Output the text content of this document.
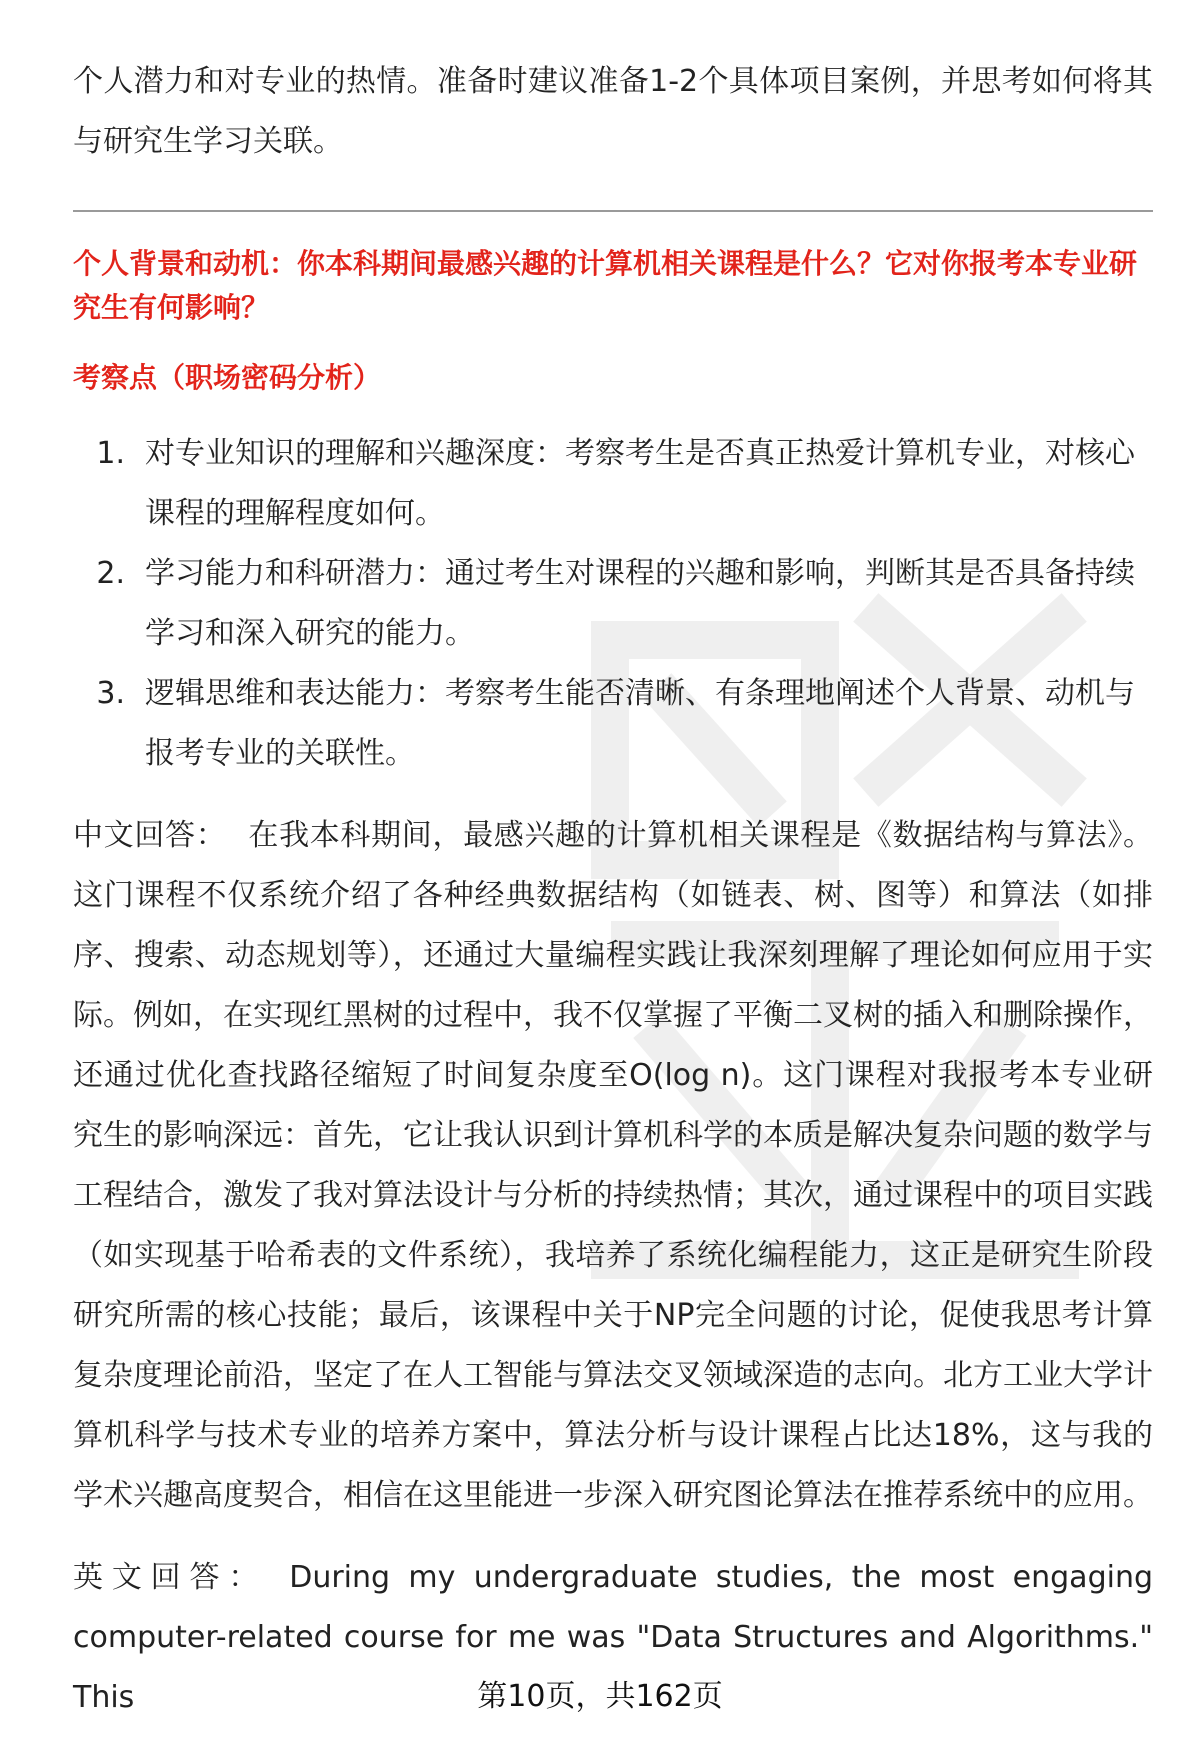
个人潜力和对专业的热情。准备时建议准备1-2个具体项目案例，并思考如何将其与研究生学习关联。

个人背景和动机：你本科期间最感兴趣的计算机相关课程是什么？它对你报考本专业研究生有何影响？

考察点（职场密码分析）

1. 对专业知识的理解和兴趣深度：考察考生是否真正热爱计算机专业，对核心课程的理解程度如何。
2. 学习能力和科研潜力：通过考生对课程的兴趣和影响，判断其是否具备持续学习和深入研究的能力。
3. 逻辑思维和表达能力：考察考生能否清晰、有条理地阐述个人背景、动机与报考专业的关联性。

中文回答： 在我本科期间，最感兴趣的计算机相关课程是《数据结构与算法》。这门课程不仅系统介绍了各种经典数据结构（如链表、树、图等）和算法（如排序、搜索、动态规划等），还通过大量编程实践让我深刻理解了理论如何应用于实际。例如，在实现红黑树的过程中，我不仅掌握了平衡二叉树的插入和删除操作，还通过优化查找路径缩短了时间复杂度至O(log n)。这门课程对我报考本专业研究生的影响深远：首先，它让我认识到计算机科学的本质是解决复杂问题的数学与工程结合，激发了我对算法设计与分析的持续热情；其次，通过课程中的项目实践（如实现基于哈希表的文件系统），我培养了系统化编程能力，这正是研究生阶段研究所需的核心技能；最后，该课程中关于NP完全问题的讨论，促使我思考计算复杂度理论前沿，坚定了在人工智能与算法交叉领域深造的志向。北方工业大学计算机科学与技术专业的培养方案中，算法分析与设计课程占比达18%，这与我的学术兴趣高度契合，相信在这里能进一步深入研究图论算法在推荐系统中的应用。

英文回答： During my undergraduate studies, the most engaging computer-related course for me was "Data Structures and Algorithms." This	第10页，共162页
